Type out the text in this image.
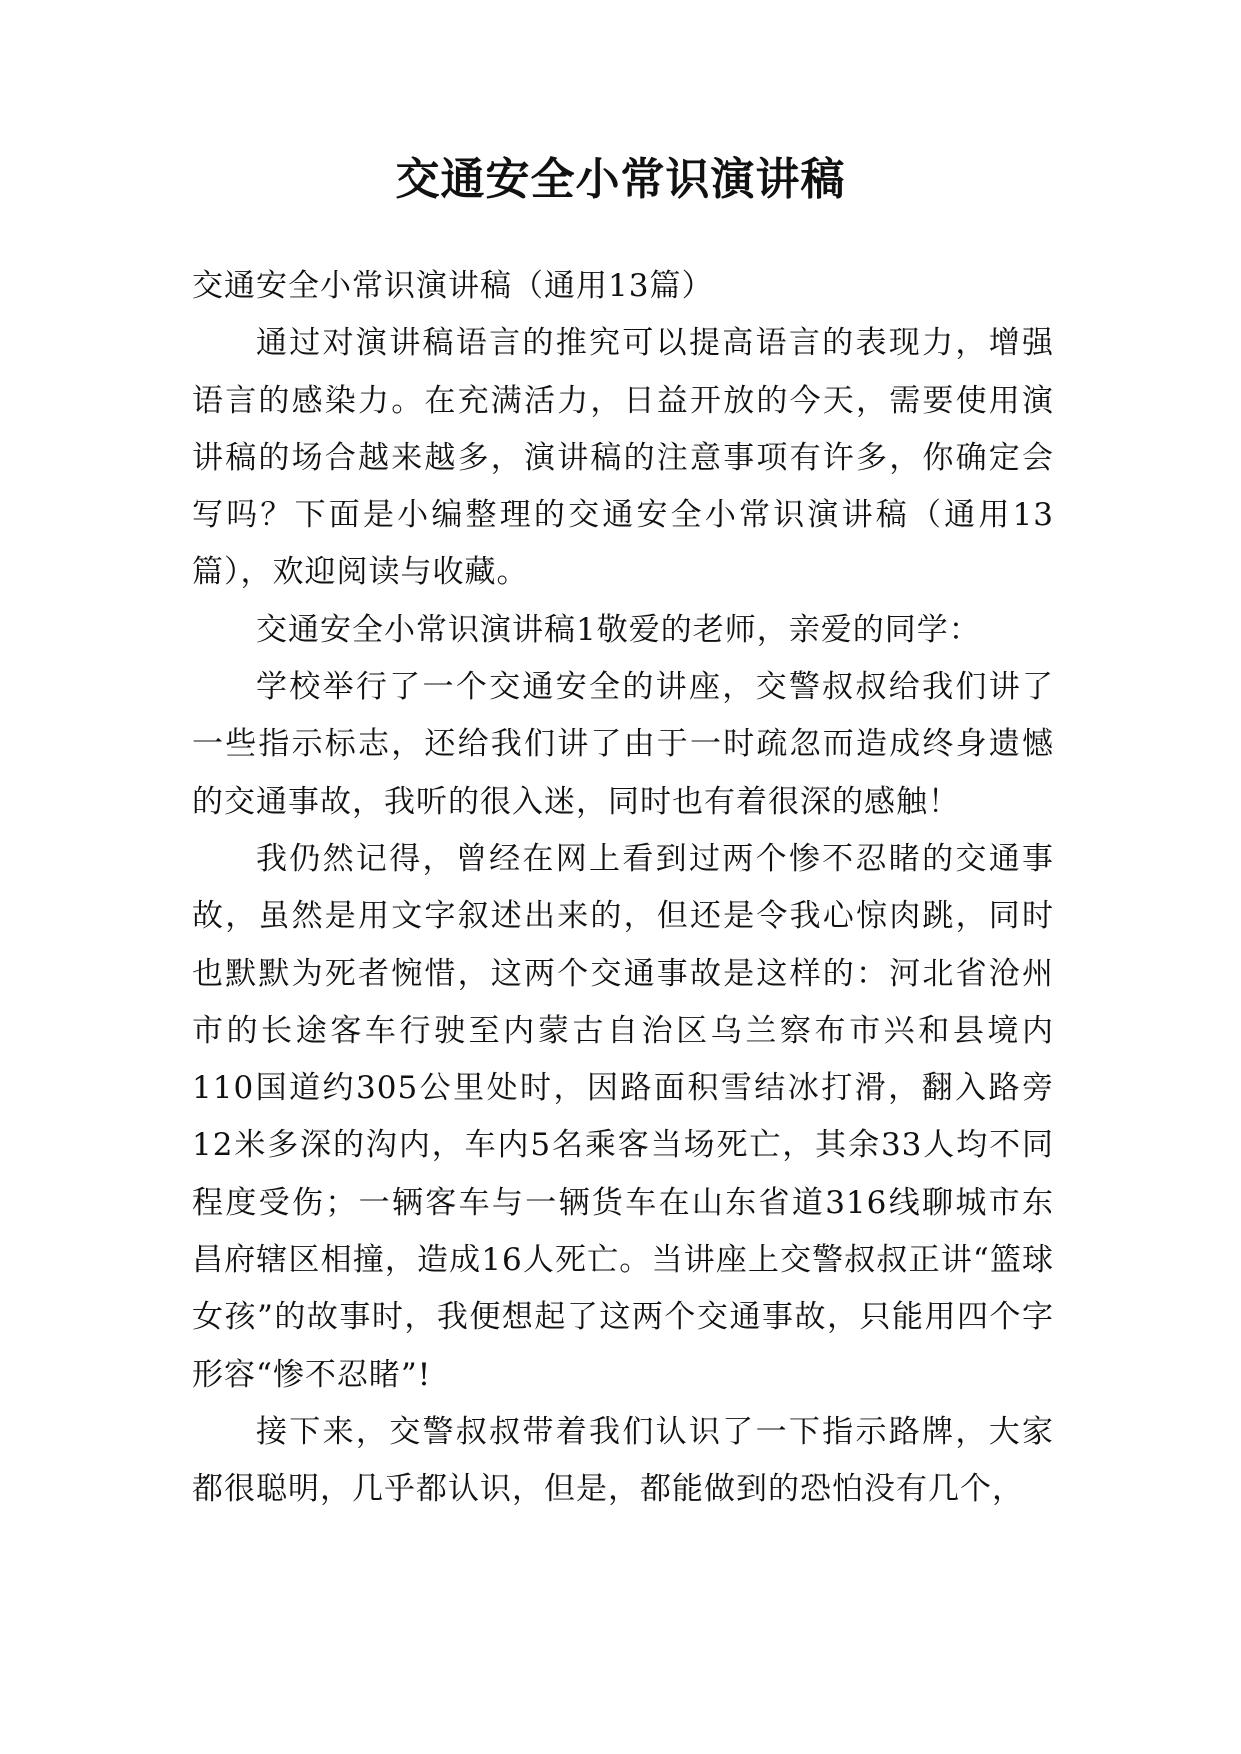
交通安全小常识演讲稿

交通安全小常识演讲稿（通用13篇）

通过对演讲稿语言的推究可以提高语言的表现力，增强语言的感染力。在充满活力，日益开放的今天，需要使用演讲稿的场合越来越多，演讲稿的注意事项有许多，你确定会写吗？下面是小编整理的交通安全小常识演讲稿（通用13篇），欢迎阅读与收藏。

交通安全小常识演讲稿1敬爱的老师，亲爱的同学：

学校举行了一个交通安全的讲座，交警叔叔给我们讲了一些指示标志，还给我们讲了由于一时疏忽而造成终身遗憾的交通事故，我听的很入迷，同时也有着很深的感触！

我仍然记得，曾经在网上看到过两个惨不忍睹的交通事故，虽然是用文字叙述出来的，但还是令我心惊肉跳，同时也默默为死者惋惜，这两个交通事故是这样的：河北省沧州市的长途客车行驶至内蒙古自治区乌兰察布市兴和县境内110国道约305公里处时，因路面积雪结冰打滑，翻入路旁12米多深的沟内，车内5名乘客当场死亡，其余33人均不同程度受伤；一辆客车与一辆货车在山东省道316线聊城市东昌府辖区相撞，造成16人死亡。当讲座上交警叔叔正讲“篮球女孩”的故事时，我便想起了这两个交通事故，只能用四个字形容“惨不忍睹”!

接下来，交警叔叔带着我们认识了一下指示路牌，大家都很聪明，几乎都认识，但是，都能做到的恐怕没有几个，
